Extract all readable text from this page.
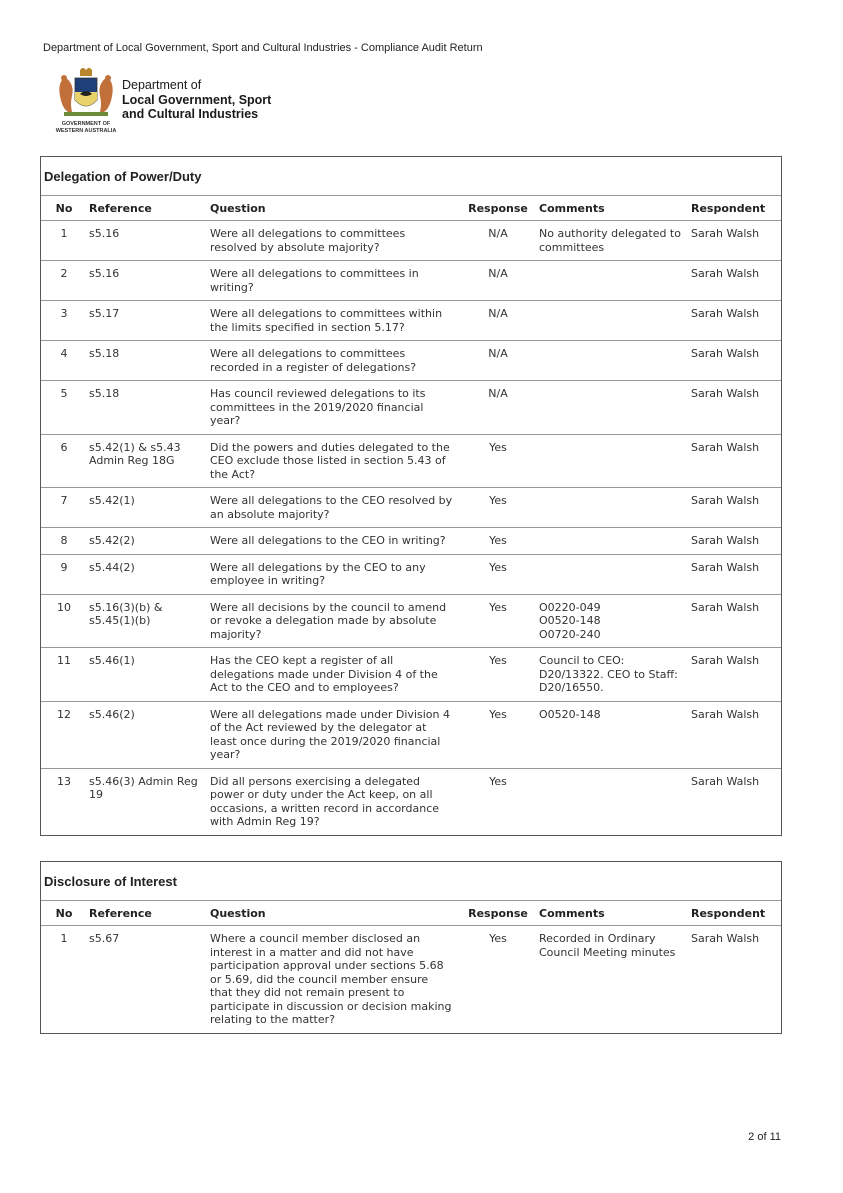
Department of Local Government, Sport and Cultural Industries - Compliance Audit Return
GOVERNMENT OF
WESTERN AUSTRALIA
Department of
Local Government, Sport
and Cultural Industries
Delegation of Power/Duty
No	Reference	Question	Response	Comments	Respondent
1	s5.16	Were all delegations to committees resolved by absolute majority?	N/A	No authority delegated to committees	Sarah Walsh
2	s5.16	Were all delegations to committees in writing?	N/A		Sarah Walsh
3	s5.17	Were all delegations to committees within the limits specified in section 5.17?	N/A		Sarah Walsh
4	s5.18	Were all delegations to committees recorded in a register of delegations?	N/A		Sarah Walsh
5	s5.18	Has council reviewed delegations to its committees in the 2019/2020 financial year?	N/A		Sarah Walsh
6	s5.42(1) & s5.43 Admin Reg 18G	Did the powers and duties delegated to the CEO exclude those listed in section 5.43 of the Act?	Yes		Sarah Walsh
7	s5.42(1)	Were all delegations to the CEO resolved by an absolute majority?	Yes		Sarah Walsh
8	s5.42(2)	Were all delegations to the CEO in writing?	Yes		Sarah Walsh
9	s5.44(2)	Were all delegations by the CEO to any employee in writing?	Yes		Sarah Walsh
10	s5.16(3)(b) & s5.45(1)(b)	Were all decisions by the council to amend or revoke a delegation made by absolute majority?	Yes	O0220-049
O0520-148
O0720-240	Sarah Walsh
11	s5.46(1)	Has the CEO kept a register of all delegations made under Division 4 of the Act to the CEO and to employees?	Yes	Council to CEO: D20/13322. CEO to Staff: D20/16550.	Sarah Walsh
12	s5.46(2)	Were all delegations made under Division 4 of the Act reviewed by the delegator at least once during the 2019/2020 financial year?	Yes	O0520-148	Sarah Walsh
13	s5.46(3) Admin Reg 19	Did all persons exercising a delegated power or duty under the Act keep, on all occasions, a written record in accordance with Admin Reg 19?	Yes		Sarah Walsh
Disclosure of Interest
No	Reference	Question	Response	Comments	Respondent
1	s5.67	Where a council member disclosed an interest in a matter and did not have participation approval under sections 5.68 or 5.69, did the council member ensure that they did not remain present to participate in discussion or decision making relating to the matter?	Yes	Recorded in Ordinary Council Meeting minutes	Sarah Walsh
2 of 11
